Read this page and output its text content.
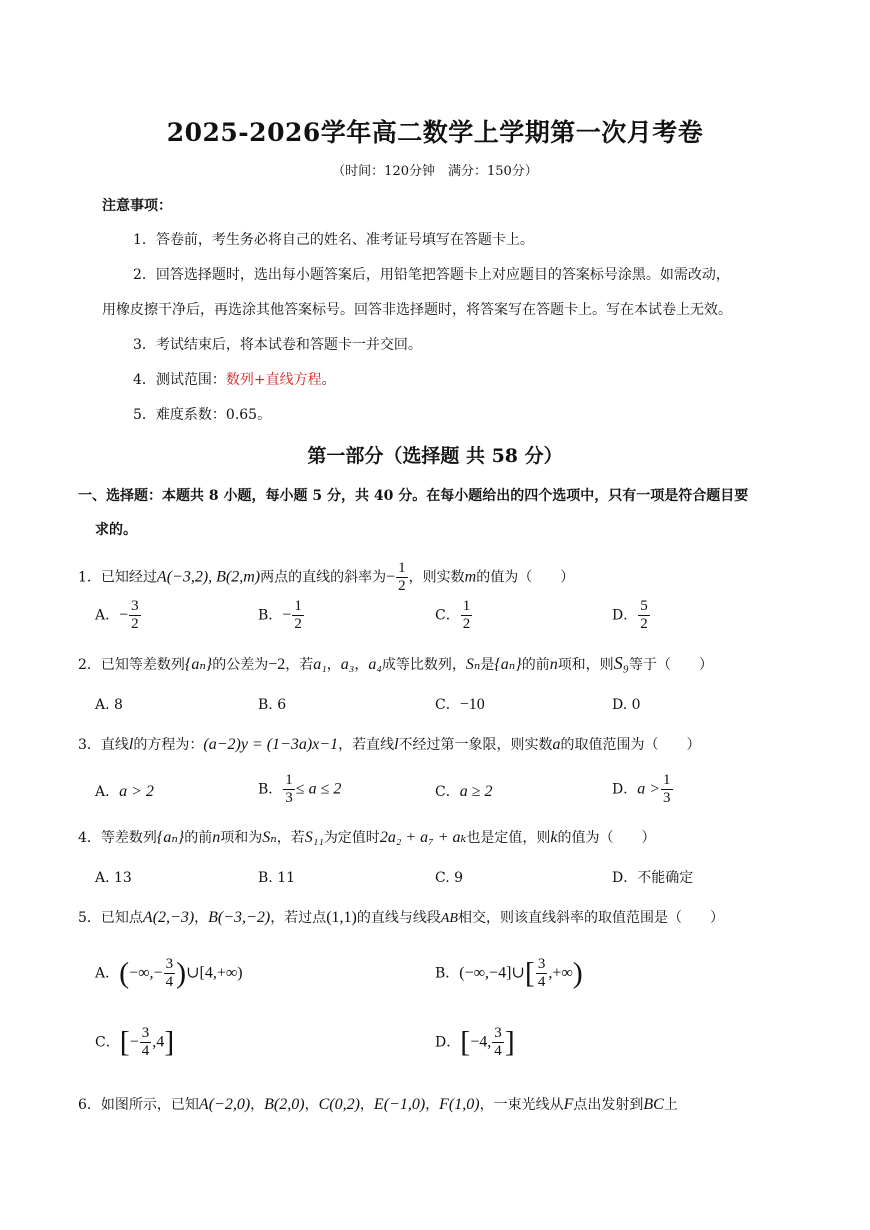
2025-2026学年高二数学上学期第一次月考卷
（时间：120分钟　满分：150分）
注意事项：
1．答卷前，考生务必将自己的姓名、准考证号填写在答题卡上。
2．回答选择题时，选出每小题答案后，用铅笔把答题卡上对应题目的答案标号涂黑。如需改动，
用橡皮擦干净后，再选涂其他答案标号。回答非选择题时，将答案写在答题卡上。写在本试卷上无效。
3．考试结束后，将本试卷和答题卡一并交回。
4．测试范围：数列+直线方程。
5．难度系数：0.65。
第一部分（选择题 共 58 分）
一、选择题：本题共 8 小题，每小题 5 分，共 40 分。在每小题给出的四个选项中，只有一项是符合题目要
求的。
1．已知经过A(−3,2), B(2,m)两点的直线的斜率为− $\frac{1}{2}$ ，则实数m的值为（　　）
A．− $\frac{3}{2}$	B．− $\frac{1}{2}$	C． $\frac{1}{2}$	D． $\frac{5}{2}$
2．已知等差数列{aₙ}的公差为−2，若a₁，a₃，a₄成等比数列，Sₙ是{aₙ}的前n项和，则S₉等于（　　）
A. 8	B. 6	C．−10	D. 0
3．直线l的方程为：(a−2)y = (1−3a)x−1，若直线l不经过第一象限，则实数a的取值范围为（　　）
A．a > 2	B． $\frac{1}{3} \le a \le 2$	C．a ≥ 2	D．$a > \frac{1}{3}$
4．等差数列{aₙ}的前n项和为Sₙ，若S₁₁为定值时2a₂ + a₇ + aₖ也是定值，则k的值为（　　）
A. 13	B. 11	C. 9	D．不能确定
5．已知点A(2,−3)，B(−3,−2)，若过点(1,1)的直线与线段AB相交，则该直线斜率的取值范围是（　　）
A．(−∞,− $\frac{3}{4}$ )∪[4,+∞)	B．(−∞,−4]∪[ $\frac{3}{4}$ ,+∞)
C．[− $\frac{3}{4} ,4$]	D．[−4, $\frac{3}{4}$ ]
6．如图所示，已知A(−2,0)，B(2,0)，C(0,2)，E(−1,0)，F(1,0)，一束光线从F点出发射到BC上
